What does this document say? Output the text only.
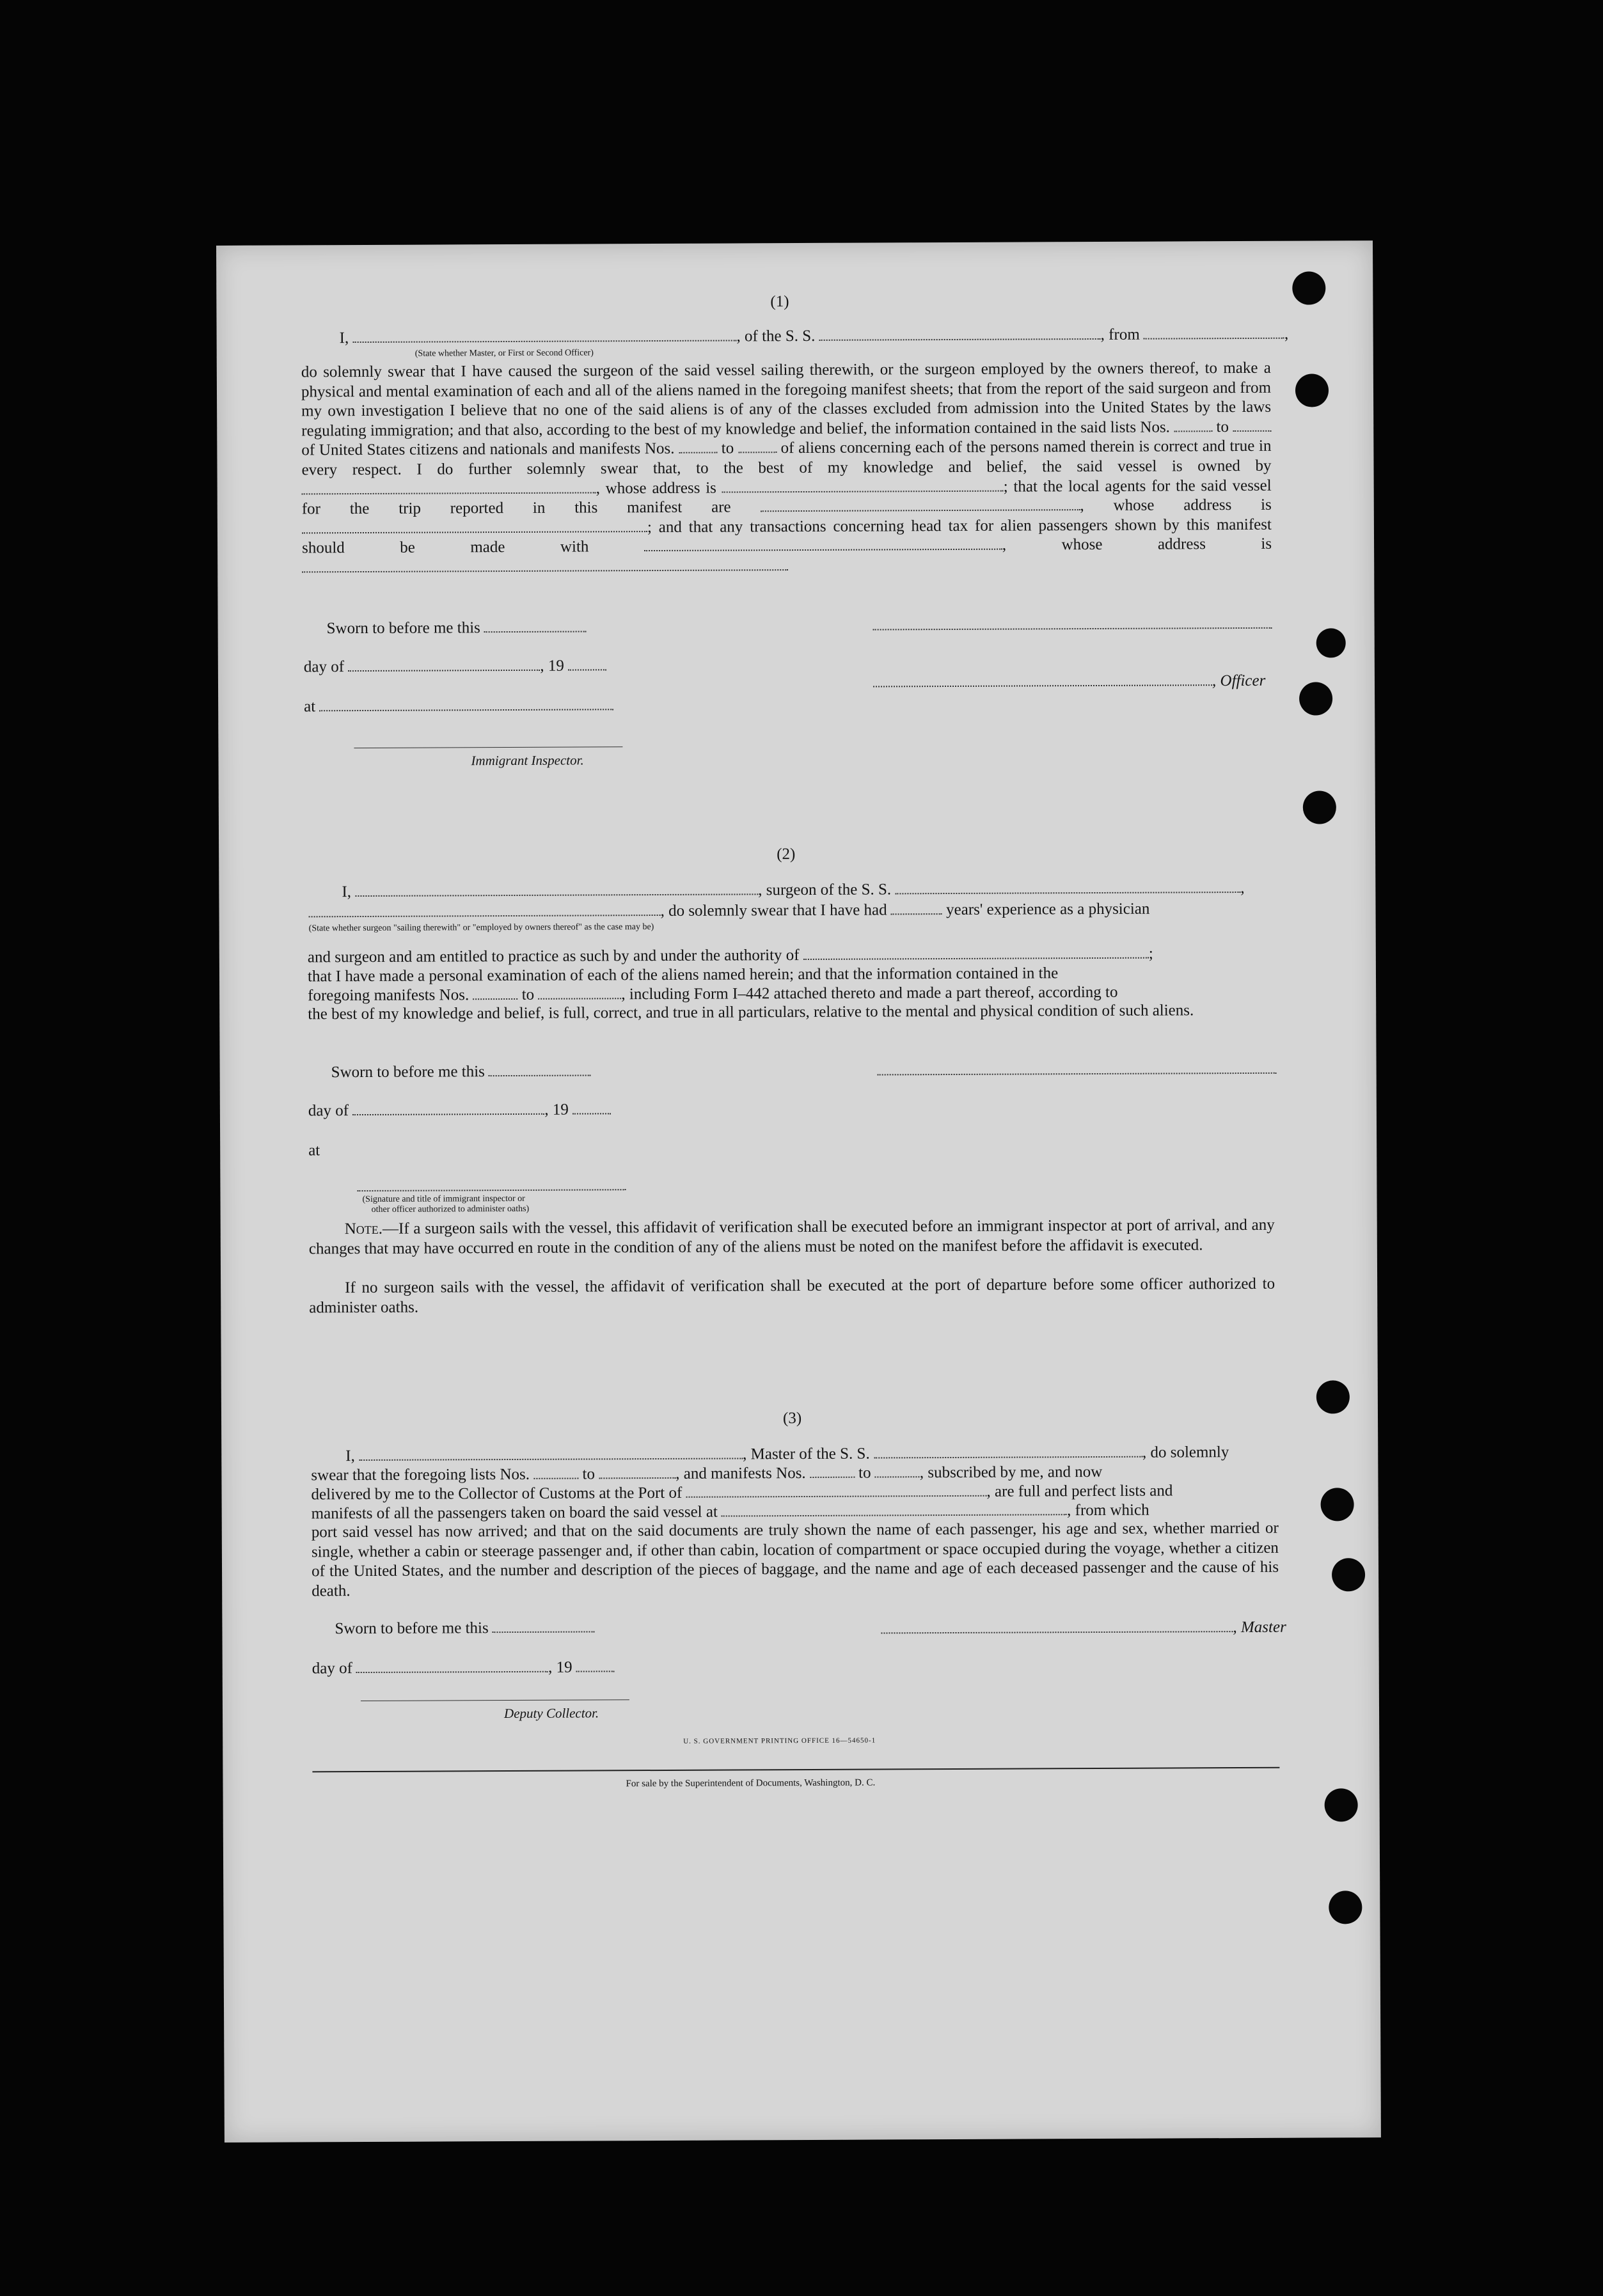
(1)
I,	, of the S. S.	, from	,
(State whether Master, or First or Second Officer)
do solemnly swear that I have caused the surgeon of the said vessel sailing therewith, or the surgeon employed by the owners thereof, to make a physical and mental examination of each and all of the aliens named in the foregoing manifest sheets; that from the report of the said surgeon and from my own investigation I believe that no one of the said aliens is of any of the classes excluded from admission into the United States by the laws regulating immigration; and that also, according to the best of my knowledge and belief, the information contained in the said lists Nos.	to  of United States citizens and nationals and manifests Nos.	to	of aliens concerning each of the persons named therein is correct and true in every respect. I do further solemnly swear that, to the best of my knowledge and belief, the said vessel is owned by , whose address is	; that the local agents for the said vessel for the trip reported in this manifest are	, whose address is ; and that any transactions concerning head tax for alien passengers shown by this manifest should be made with	, whose address is
Sworn to before me this
day of	, 19
, Officer
at
Immigrant Inspector.
(2)
I,	, surgeon of the S. S.	,
, do solemnly swear that I have had	years' experience as a physician
(State whether surgeon "sailing therewith" or "employed by owners thereof" as the case may be)
and surgeon and am entitled to practice as such by and under the authority of	;
that I have made a personal examination of each of the aliens named herein; and that the information contained in the
foregoing manifests Nos.	to	, including Form I–442 attached thereto and made a part thereof, according to
the best of my knowledge and belief, is full, correct, and true in all particulars, relative to the mental and physical condition of such aliens.
Sworn to before me this
day of	, 19
at
(Signature and title of immigrant inspector or
other officer authorized to administer oaths)
Note.—If a surgeon sails with the vessel, this affidavit of verification shall be executed before an immigrant inspector at port of arrival, and any changes that may have occurred en route in the condition of any of the aliens must be noted on the manifest before the affidavit is executed.
If no surgeon sails with the vessel, the affidavit of verification shall be executed at the port of departure before some officer authorized to administer oaths.
(3)
I,	, Master of the S. S.	, do solemnly
swear that the foregoing lists Nos.	to	, and manifests Nos.	to	, subscribed by me, and now
delivered by me to the Collector of Customs at the Port of	, are full and perfect lists and
manifests of all the passengers taken on board the said vessel at	, from which
port said vessel has now arrived; and that on the said documents are truly shown the name of each passenger, his age and sex, whether married or single, whether a cabin or steerage passenger and, if other than cabin, location of compartment or space occupied during the voyage, whether a citizen of the United States, and the number and description of the pieces of baggage, and the name and age of each deceased passenger and the cause of his death.
Sworn to before me this	, Master
day of	, 19
Deputy Collector.
U. S. GOVERNMENT PRINTING OFFICE 16—54650-1
For sale by the Superintendent of Documents, Washington, D. C.
